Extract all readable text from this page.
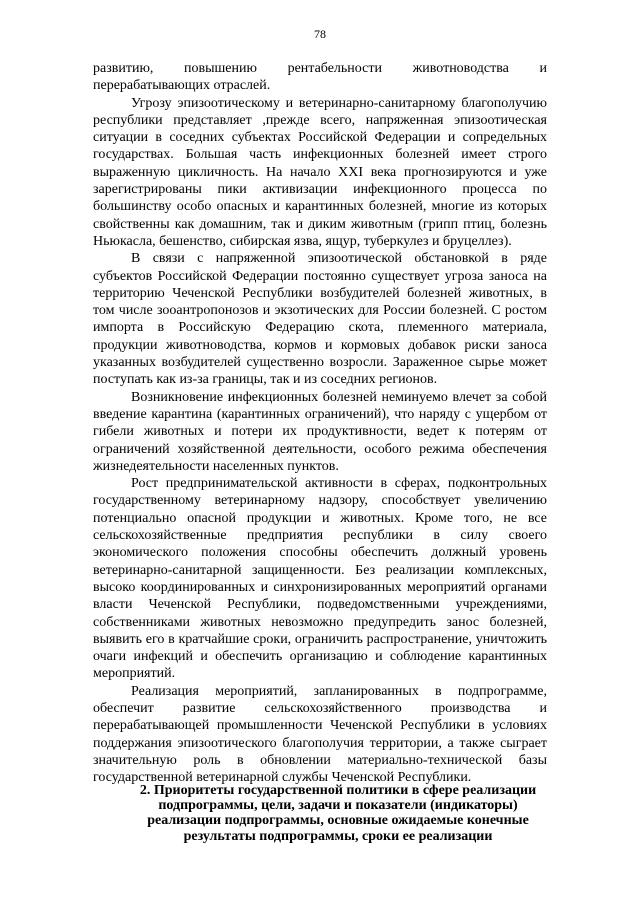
78

развитию, повышению рентабельности животноводства и перерабатывающих отраслей.

Угрозу эпизоотическому и ветеринарно-санитарному благополучию республики представляет ,прежде всего, напряженная эпизоотическая ситуации в соседних субъектах Российской Федерации и сопредельных государствах. Большая часть инфекционных болезней имеет строго выраженную цикличность. На начало XXI века прогнозируются и уже зарегистрированы пики активизации инфекционного процесса по большинству особо опасных и карантинных болезней, многие из которых свойственны как домашним, так и диким животным (грипп птиц, болезнь Ньюкасла, бешенство, сибирская язва, ящур, туберкулез и бруцеллез).

В связи с напряженной эпизоотической обстановкой в ряде субъектов Российской Федерации постоянно существует угроза заноса на территорию Чеченской Республики возбудителей болезней животных, в том числе зооантропонозов и экзотических для России болезней. С ростом импорта в Российскую Федерацию скота, племенного материала, продукции животноводства, кормов и кормовых добавок риски заноса указанных возбудителей существенно возросли. Зараженное сырье может поступать как из-за границы, так и из соседних регионов.

Возникновение инфекционных болезней неминуемо влечет за собой введение карантина (карантинных ограничений), что наряду с ущербом от гибели животных и потери их продуктивности, ведет к потерям от ограничений хозяйственной деятельности, особого режима обеспечения жизнедеятельности населенных пунктов.

Рост предпринимательской активности в сферах, подконтрольных государственному ветеринарному надзору, способствует увеличению потенциально опасной продукции и животных. Кроме того, не все сельскохозяйственные предприятия республики в силу своего экономического положения способны обеспечить должный уровень ветеринарно-санитарной защищенности. Без реализации комплексных, высоко координированных и синхронизированных мероприятий органами власти Чеченской Республики, подведомственными учреждениями, собственниками животных невозможно предупредить занос болезней, выявить его в кратчайшие сроки, ограничить распространение, уничтожить очаги инфекций и обеспечить организацию и соблюдение карантинных мероприятий.

Реализация мероприятий, запланированных в подпрограмме, обеспечит развитие сельскохозяйственного производства и перерабатывающей промышленности Чеченской Республики в условиях поддержания эпизоотического благополучия территории, а также сыграет значительную роль в обновлении материально-технической базы государственной ветеринарной службы Чеченской Республики.

2. Приоритеты государственной политики в сфере реализации подпрограммы, цели, задачи и показатели (индикаторы) реализации подпрограммы, основные ожидаемые конечные результаты подпрограммы, сроки ее реализации
